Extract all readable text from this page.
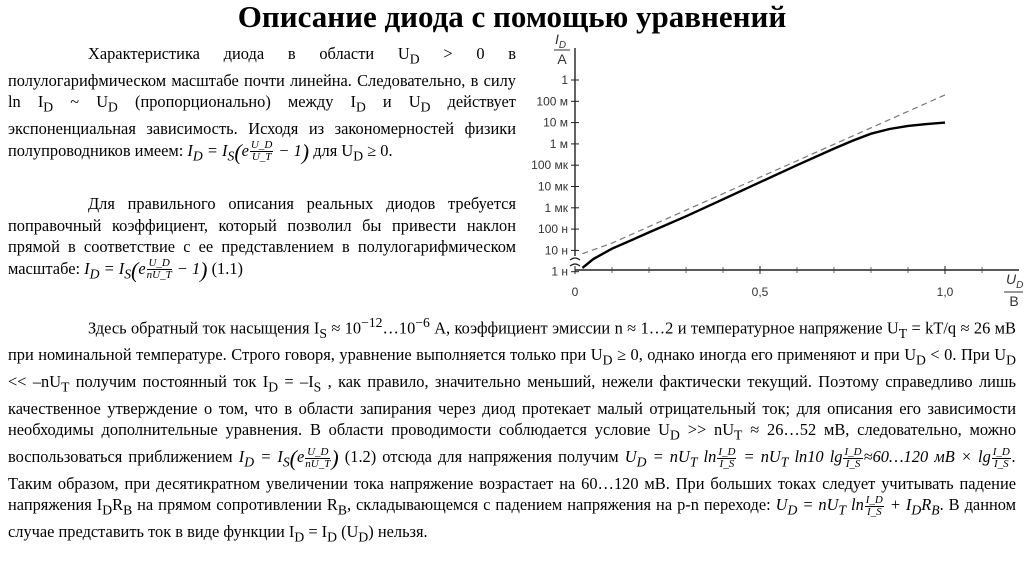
Описание диода с помощью уравнений
Характеристика диода в области $U_D > 0$ в полулогарифмическом масштабе почти линейна. Следовательно, в силу $\ln I_D$ ~ $U_D$ (пропорционально) между $I_D$ и $U_D$ действует экспоненциальная зависимость. Исходя из закономерностей физики полупроводников имеем: $I_D = I_S(e \frac{U\_D}{U\_T} - 1)$ для $U_D \ge 0$.
Для правильного описания реальных диодов требуется поправочный коэффициент, который позволил бы привести наклон прямой в соответствие с ее представлением в полулогарифмическом масштабе: $I_D = I_S(e \frac{U\_D}{nU\_T} - 1)$ (1.1)
Здесь обратный ток насыщения $I_S$ ≈ $10^{-12}\dots 10^{-6}$ А, коэффициент эмиссии n ≈ 1…2 и температурное напряжение $U_T = kT/q \approx 26$ мВ при номинальной температуре. Строго говоря, уравнение выполняется только при $U_D \ge 0$, однако иногда его применяют и при $U_D < 0$. При $U_D << -nU_T$ получим постоянный ток $I_D = -I_S$ , как правило, значительно меньший, нежели фактически текущий. Поэтому справедливо лишь качественное утверждение о том, что в области запирания через диод протекает малый отрицательный ток; для описания его зависимости необходимы дополнительные уравнения. В области проводимости соблюдается условие $U_D >> nU_T$ ≈ 26…52 мВ, следовательно, можно воспользоваться приближением $I_D = I_S(e \frac{U\_D}{nU\_T}$ ) (1.2) отсюда для напряжения получим $U_D = nU_T$ $\ln \frac{I\_D}{I\_S} = nU_T$ ln10 $\lg \frac{I\_D}{I\_S}$ ≈60…120 мВ × $\lg \frac{I\_D}{I\_S}$ . Таким образом, при десятикратном увеличении тока напряжение возрастает на 60…120 мВ. При больших токах следует учитывать падение напряжения $I_DR_B$ на прямом сопротивлении $R_B$, складывающемся с падением напряжения на p-n переходе: $U_D = nU_T$ $\ln \frac{I\_D}{I\_S} + I_DR_B$. В данном случае представить ток в виде функции $I_D = I_D$ $(U_D)$ нельзя.
1 н
10 н
100 н
1 мк
10 мк
100 мк
1 м
10 м
100 м
1
0	0,5	1,0
$I_D$
А
$U_D$
В
